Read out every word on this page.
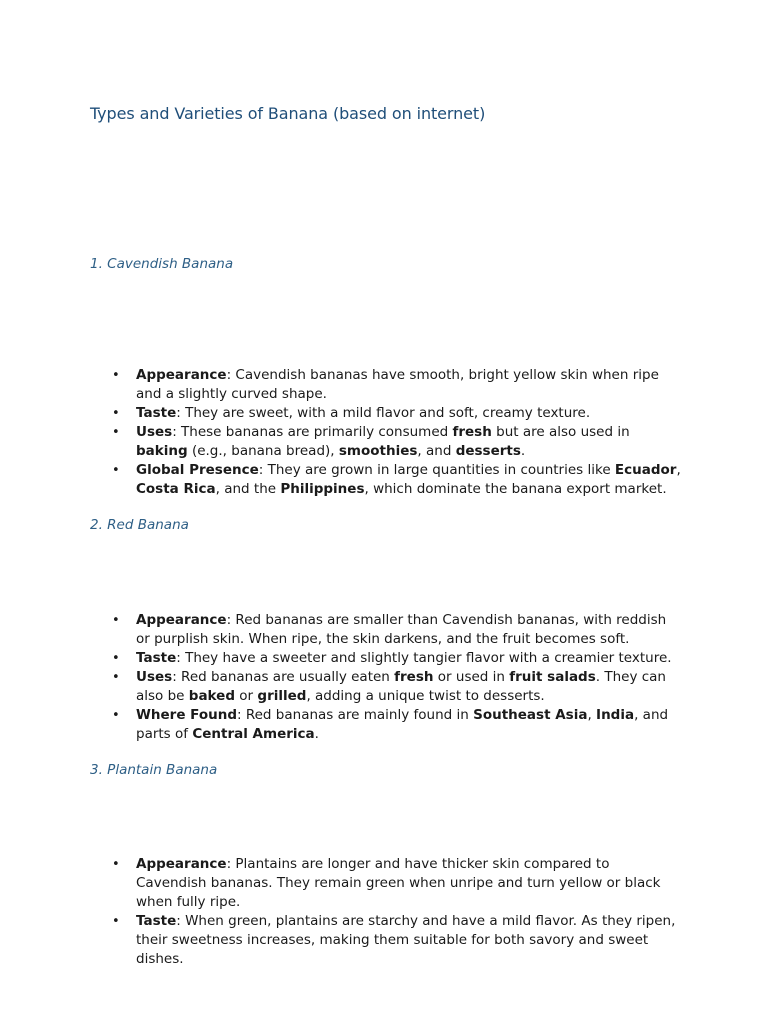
Types and Varieties of Banana (based on internet)
1. Cavendish Banana
•	Appearance: Cavendish bananas have smooth, bright yellow skin when ripe and a slightly curved shape.
•	Taste: They are sweet, with a mild flavor and soft, creamy texture.
•	Uses: These bananas are primarily consumed fresh but are also used in baking (e.g., banana bread), smoothies, and desserts.
•	Global Presence: They are grown in large quantities in countries like Ecuador, Costa Rica, and the Philippines, which dominate the banana export market.
2. Red Banana
•	Appearance: Red bananas are smaller than Cavendish bananas, with reddish or purplish skin. When ripe, the skin darkens, and the fruit becomes soft.
•	Taste: They have a sweeter and slightly tangier flavor with a creamier texture.
•	Uses: Red bananas are usually eaten fresh or used in fruit salads. They can also be baked or grilled, adding a unique twist to desserts.
•	Where Found: Red bananas are mainly found in Southeast Asia, India, and parts of Central America.
3. Plantain Banana
•	Appearance: Plantains are longer and have thicker skin compared to Cavendish bananas. They remain green when unripe and turn yellow or black when fully ripe.
•	Taste: When green, plantains are starchy and have a mild flavor. As they ripen, their sweetness increases, making them suitable for both savory and sweet dishes.
